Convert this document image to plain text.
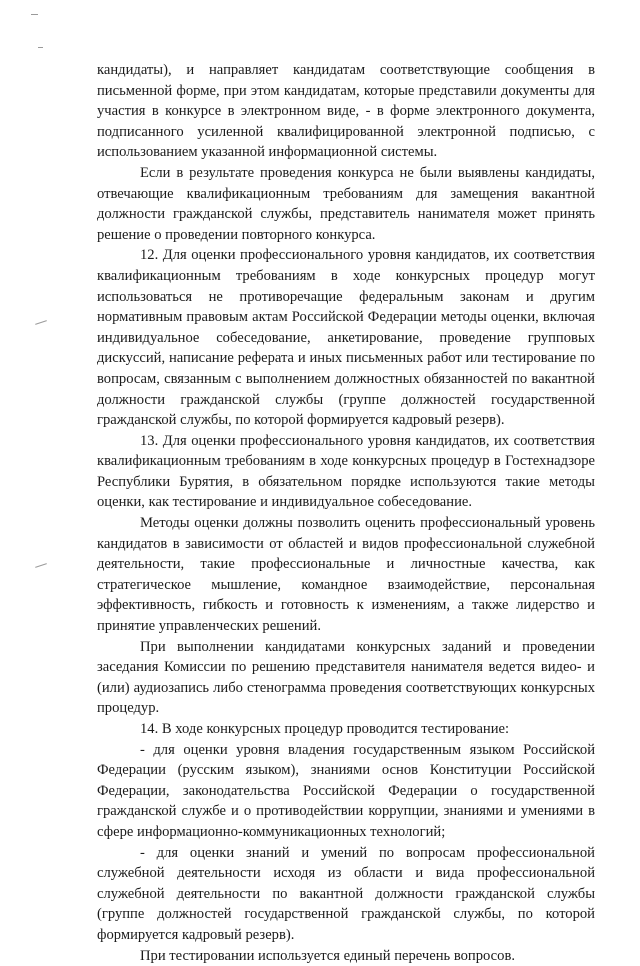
кандидаты), и направляет кандидатам соответствующие сообщения в письменной форме, при этом кандидатам, которые представили документы для участия в конкурсе в электронном виде, - в форме электронного документа, подписанного усиленной квалифицированной электронной подписью, с использованием указанной информационной системы.

Если в результате проведения конкурса не были выявлены кандидаты, отвечающие квалификационным требованиям для замещения вакантной должности гражданской службы, представитель нанимателя может принять решение о проведении повторного конкурса.

12. Для оценки профессионального уровня кандидатов, их соответствия квалификационным требованиям в ходе конкурсных процедур могут использоваться не противоречащие федеральным законам и другим нормативным правовым актам Российской Федерации методы оценки, включая индивидуальное собеседование, анкетирование, проведение групповых дискуссий, написание реферата и иных письменных работ или тестирование по вопросам, связанным с выполнением должностных обязанностей по вакантной должности гражданской службы (группе должностей государственной гражданской службы, по которой формируется кадровый резерв).

13. Для оценки профессионального уровня кандидатов, их соответствия квалификационным требованиям в ходе конкурсных процедур в Гостехнадзоре Республики Бурятия, в обязательном порядке используются такие методы оценки, как тестирование и индивидуальное собеседование.

Методы оценки должны позволить оценить профессиональный уровень кандидатов в зависимости от областей и видов профессиональной служебной деятельности, такие профессиональные и личностные качества, как стратегическое мышление, командное взаимодействие, персональная эффективность, гибкость и готовность к изменениям, а также лидерство и принятие управленческих решений.

При выполнении кандидатами конкурсных заданий и проведении заседания Комиссии по решению представителя нанимателя ведется видео- и (или) аудиозапись либо стенограмма проведения соответствующих конкурсных процедур.

14. В ходе конкурсных процедур проводится тестирование:

- для оценки уровня владения государственным языком Российской Федерации (русским языком), знаниями основ Конституции Российской Федерации, законодательства Российской Федерации о государственной гражданской службе и о противодействии коррупции, знаниями и умениями в сфере информационно-коммуникационных технологий;

- для оценки знаний и умений по вопросам профессиональной служебной деятельности исходя из области и вида профессиональной служебной деятельности по вакантной должности гражданской службы (группе должностей государственной гражданской службы, по которой формируется кадровый резерв).

При тестировании используется единый перечень вопросов.
